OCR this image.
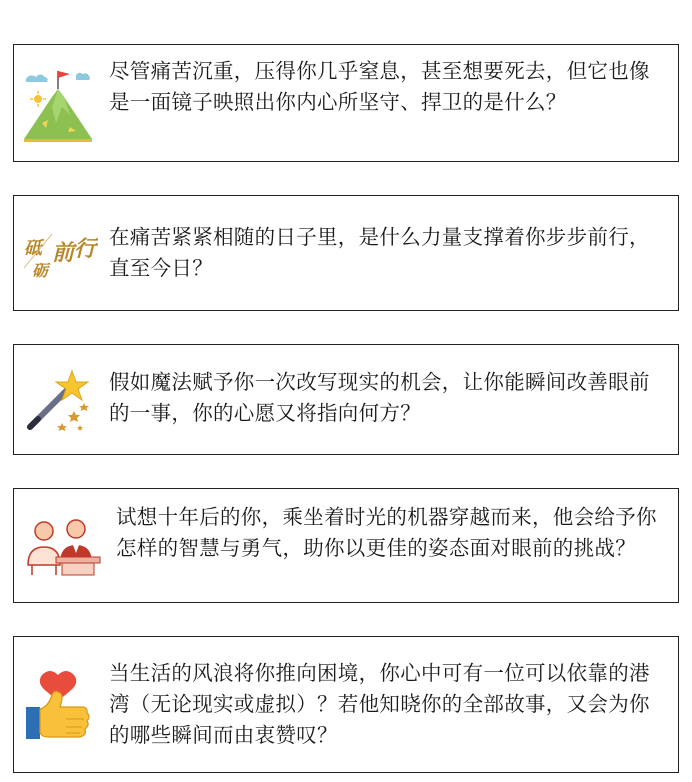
尽管痛苦沉重，压得你几乎窒息，甚至想要死去，但它也像是一面镜子映照出你内心所坚守、捍卫的是什么？
砥
砺
前 行 在痛苦紧紧相随的日子里，是什么力量支撑着你步步前行，直至今日？
假如魔法赋予你一次改写现实的机会，让你能瞬间改善眼前的一事，你的心愿又将指向何方？
试想十年后的你，乘坐着时光的机器穿越而来，他会给予你怎样的智慧与勇气，助你以更佳的姿态面对眼前的挑战？
当生活的风浪将你推向困境，你心中可有一位可以依靠的港湾（无论现实或虚拟）？若他知晓你的全部故事，又会为你的哪些瞬间而由衷赞叹？
